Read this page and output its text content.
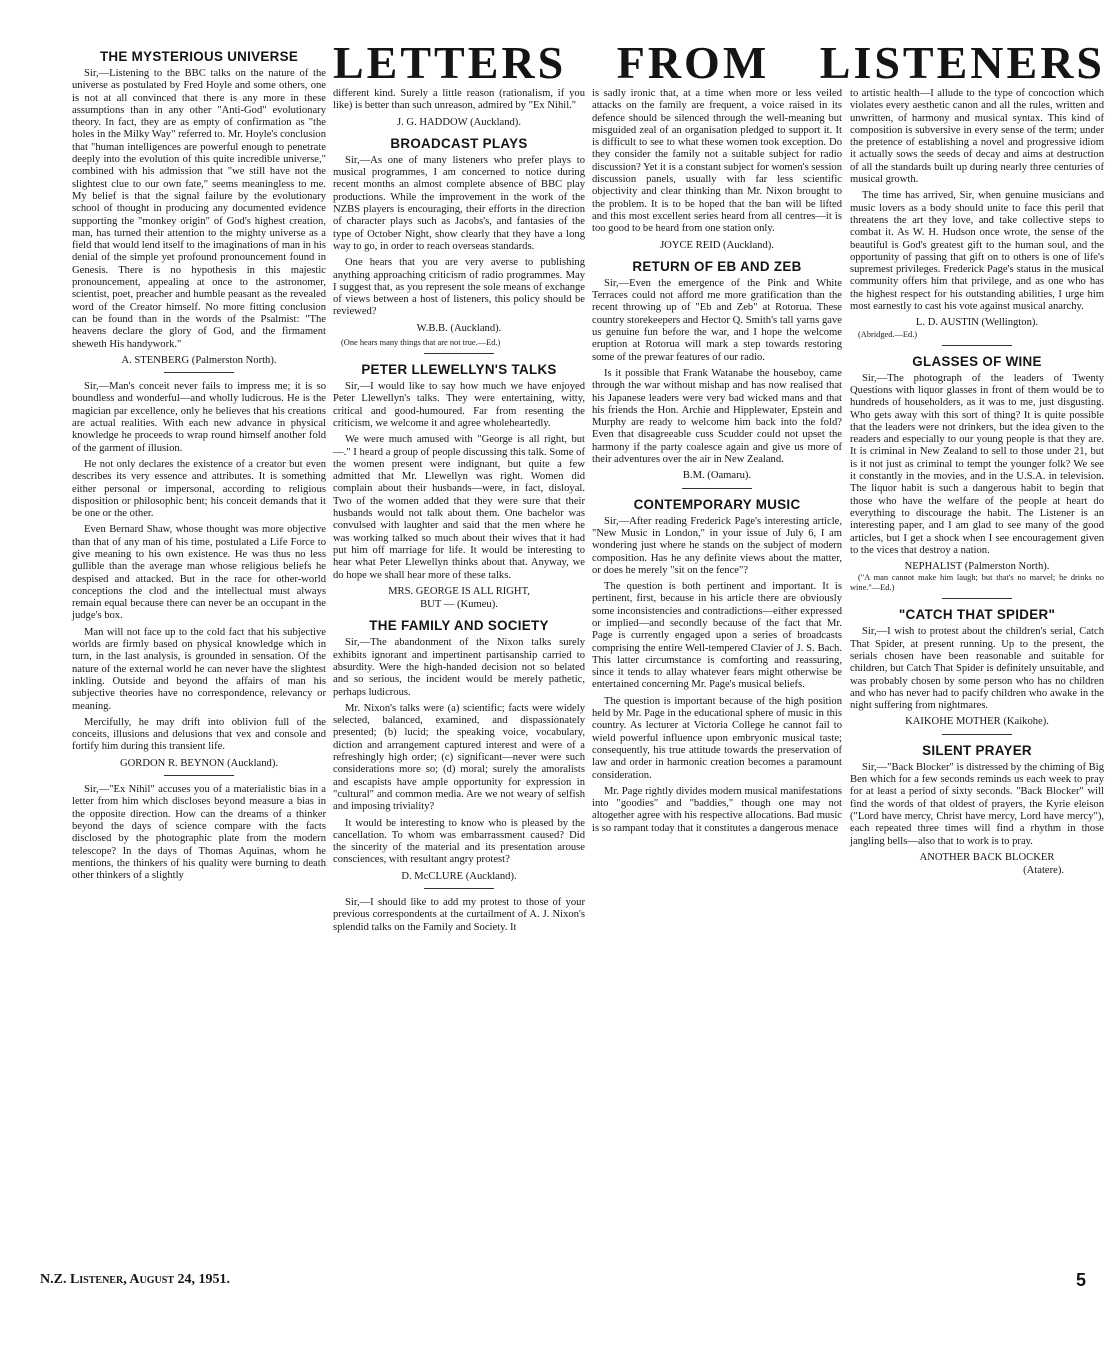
LETTERS FROM LISTENERS
THE MYSTERIOUS UNIVERSE

Sir,—Listening to the BBC talks on the nature of the universe as postulated by Fred Hoyle and some others, one is not at all convinced that there is any more in these assumptions than in any other "Anti-God" evolutionary theory. In fact, they are as empty of confirmation as "the holes in the Milky Way" referred to. Mr. Hoyle's conclusion that "human intelligences are powerful enough to penetrate deeply into the evolution of this quite incredible universe," combined with his admission that "we still have not the slightest clue to our own fate," seems meaningless to me. My belief is that the signal failure by the evolutionary school of thought in producing any documented evidence supporting the "monkey origin" of God's highest creation, man, has turned their attention to the mighty universe as a field that would lend itself to the imaginations of man in his denial of the simple yet profound pronouncement found in Genesis. There is no hypothesis in this majestic pronouncement, appealing at once to the astronomer, scientist, poet, preacher and humble peasant as the revealed word of the Creator himself. No more fitting conclusion can be found than in the words of the Psalmist: "The heavens declare the glory of God, and the firmament sheweth His handywork."

A. STENBERG (Palmerston North).

Sir,—Man's conceit never fails to impress me; it is so boundless and wonderful—and wholly ludicrous. He is the magician par excellence, only he believes that his creations are actual realities. With each new advance in physical knowledge he proceeds to wrap round himself another fold of the garment of illusion.

He not only declares the existence of a creator but even describes its very essence and attributes. It is something either personal or impersonal, according to religious disposition or philosophic bent; his conceit demands that it be one or the other.

Even Bernard Shaw, whose thought was more objective than that of any man of his time, postulated a Life Force to give meaning to his own existence. He was thus no less gullible than the average man whose religious beliefs he despised and attacked. But in the race for other-world conceptions the clod and the intellectual must always remain equal because there can never be an occupant in the judge's box.

Man will not face up to the cold fact that his subjective worlds are firmly based on physical knowledge which in turn, in the last analysis, is grounded in sensation. Of the nature of the external world he can never have the slightest inkling. Outside and beyond the affairs of man his subjective theories have no correspondence, relevancy or meaning.

Mercifully, he may drift into oblivion full of the conceits, illusions and delusions that vex and console and fortify him during this transient life.

GORDON R. BEYNON (Auckland).

Sir,—"Ex Nihil" accuses you of a materialistic bias in a letter from him which discloses beyond measure a bias in the opposite direction. How can the dreams of a thinker beyond the days of science compare with the facts disclosed by the photographic plate from the modern telescope? In the days of Thomas Aquinas, whom he mentions, the thinkers of his quality were burning to death other thinkers of a slightly

different kind. Surely a little reason (rationalism, if you like) is better than such unreason, admired by "Ex Nihil."

J. G. HADDOW (Auckland).

BROADCAST PLAYS

Sir,—As one of many listeners who prefer plays to musical programmes, I am concerned to notice during recent months an almost complete absence of BBC play productions. While the improvement in the work of the NZBS players is encouraging, their efforts in the direction of character plays such as Jacobs's, and fantasies of the type of October Night, show clearly that they have a long way to go, in order to reach overseas standards.

One hears that you are very averse to publishing anything approaching criticism of radio programmes. May I suggest that, as you represent the sole means of exchange of views between a host of listeners, this policy should be reviewed?

W.B.B. (Auckland).

(One hears many things that are not true.—Ed.)

PETER LLEWELLYN'S TALKS

Sir,—I would like to say how much we have enjoyed Peter Llewellyn's talks. They were entertaining, witty, critical and good-humoured. Far from resenting the criticism, we welcome it and agree wholeheartedly.

We were much amused with "George is all right, but —." I heard a group of people discussing this talk. Some of the women present were indignant, but quite a few admitted that Mr. Llewellyn was right. Women did complain about their husbands—were, in fact, disloyal. Two of the women added that they were sure that their husbands would not talk about them. One bachelor was convulsed with laughter and said that the men where he was working talked so much about their wives that it had put him off marriage for life. It would be interesting to hear what Peter Llewellyn thinks about that. Anyway, we do hope we shall hear more of these talks.

MRS. GEORGE IS ALL RIGHT,

BUT — (Kumeu).

THE FAMILY AND SOCIETY

Sir,—The abandonment of the Nixon talks surely exhibits ignorant and impertinent partisanship carried to absurdity. Were the high-handed decision not so belated and so serious, the incident would be merely pathetic, perhaps ludicrous.

Mr. Nixon's talks were (a) scientific; facts were widely selected, balanced, examined, and dispassionately presented; (b) lucid; the speaking voice, vocabulary, diction and arrangement captured interest and were of a refreshingly high order; (c) significant—never were such considerations more so; (d) moral; surely the amoralists and escapists have ample opportunity for expression in "cultural" and common media. Are we not weary of selfish and imposing triviality?

It would be interesting to know who is pleased by the cancellation. To whom was embarrassment caused? Did the sincerity of the material and its presentation arouse consciences, with resultant angry protest?

D. McCLURE (Auckland).

Sir,—I should like to add my protest to those of your previous correspondents at the curtailment of A. J. Nixon's splendid talks on the Family and Society. It

is sadly ironic that, at a time when more or less veiled attacks on the family are frequent, a voice raised in its defence should be silenced through the well-meaning but misguided zeal of an organisation pledged to support it. It is difficult to see to what these women took exception. Do they consider the family not a suitable subject for radio discussion? Yet it is a constant subject for women's session discussion panels, usually with far less scientific objectivity and clear thinking than Mr. Nixon brought to the problem. It is to be hoped that the ban will be lifted and this most excellent series heard from all centres—it is too good to be heard from one station only.

JOYCE REID (Auckland).

RETURN OF EB AND ZEB

Sir,—Even the emergence of the Pink and White Terraces could not afford me more gratification than the recent throwing up of "Eb and Zeb" at Rotorua. These country storekeepers and Hector Q. Smith's tall yarns gave us genuine fun before the war, and I hope the welcome eruption at Rotorua will mark a step towards restoring some of the prewar features of our radio.

Is it possible that Frank Watanabe the houseboy, came through the war without mishap and has now realised that his Japanese leaders were very bad wicked mans and that his friends the Hon. Archie and Hipplewater, Epstein and Murphy are ready to welcome him back into the fold? Even that disagreeable cuss Scudder could not upset the harmony if the party coalesce again and give us more of their adventures over the air in New Zealand.

B.M. (Oamaru).

CONTEMPORARY MUSIC

Sir,—After reading Frederick Page's interesting article, "New Music in London," in your issue of July 6, I am wondering just where he stands on the subject of modern composition. Has he any definite views about the matter, or does he merely "sit on the fence"?

The question is both pertinent and important. It is pertinent, first, because in his article there are obviously some inconsistencies and contradictions—either expressed or implied—and secondly because of the fact that Mr. Page is currently engaged upon a series of broadcasts comprising the entire Well-tempered Clavier of J. S. Bach. This latter circumstance is comforting and reassuring, since it tends to allay whatever fears might otherwise be entertained concerning Mr. Page's musical beliefs.

The question is important because of the high position held by Mr. Page in the educational sphere of music in this country. As lecturer at Victoria College he cannot fail to wield powerful influence upon embryonic musical taste; consequently, his true attitude towards the preservation of law and order in harmonic creation becomes a paramount consideration.

Mr. Page rightly divides modern musical manifestations into "goodies" and "baddies," though one may not altogether agree with his respective allocations. Bad music is so rampant today that it constitutes a dangerous menace

to artistic health—I allude to the type of concoction which violates every aesthetic canon and all the rules, written and unwritten, of harmony and musical syntax. This kind of composition is subversive in every sense of the term; under the pretence of establishing a novel and progressive idiom it actually sows the seeds of decay and aims at destruction of all the standards built up during nearly three centuries of musical growth.

The time has arrived, Sir, when genuine musicians and music lovers as a body should unite to face this peril that threatens the art they love, and take collective steps to combat it. As W. H. Hudson once wrote, the sense of the beautiful is God's greatest gift to the human soul, and the opportunity of passing that gift on to others is one of life's supremest privileges. Frederick Page's status in the musical community offers him that privilege, and as one who has the highest respect for his outstanding abilities, I urge him most earnestly to cast his vote against musical anarchy.

L. D. AUSTIN (Wellington).

(Abridged.—Ed.)

GLASSES OF WINE

Sir,—The photograph of the leaders of Twenty Questions with liquor glasses in front of them would be to hundreds of householders, as it was to me, just disgusting. Who gets away with this sort of thing? It is quite possible that the leaders were not drinkers, but the idea given to the readers and especially to our young people is that they are. It is criminal in New Zealand to sell to those under 21, but is it not just as criminal to tempt the younger folk? We see it constantly in the movies, and in the U.S.A. in television. The liquor habit is such a dangerous habit to begin that those who have the welfare of the people at heart do everything to discourage the habit. The Listener is an interesting paper, and I am glad to see many of the good articles, but I get a shock when I see encouragement given to the vices that destroy a nation.

NEPHALIST (Palmerston North).

("A man cannot make him laugh; but that's no marvel; he drinks no wine."—Ed.)

"CATCH THAT SPIDER"

Sir,—I wish to protest about the children's serial, Catch That Spider, at present running. Up to the present, the serials chosen have been reasonable and suitable for children, but Catch That Spider is definitely unsuitable, and was probably chosen by some person who has no children and who has never had to pacify children who awake in the night suffering from nightmares.

KAIKOHE MOTHER (Kaikohe).

SILENT PRAYER

Sir,—"Back Blocker" is distressed by the chiming of Big Ben which for a few seconds reminds us each week to pray for at least a period of sixty seconds. "Back Blocker" will find the words of that oldest of prayers, the Kyrie eleison ("Lord have mercy, Christ have mercy, Lord have mercy"), each repeated three times will find a rhythm in those jangling bells—also that to work is to pray.

ANOTHER BACK BLOCKER

(Atatere).

N.Z. Listener, August 24, 1951.	5
